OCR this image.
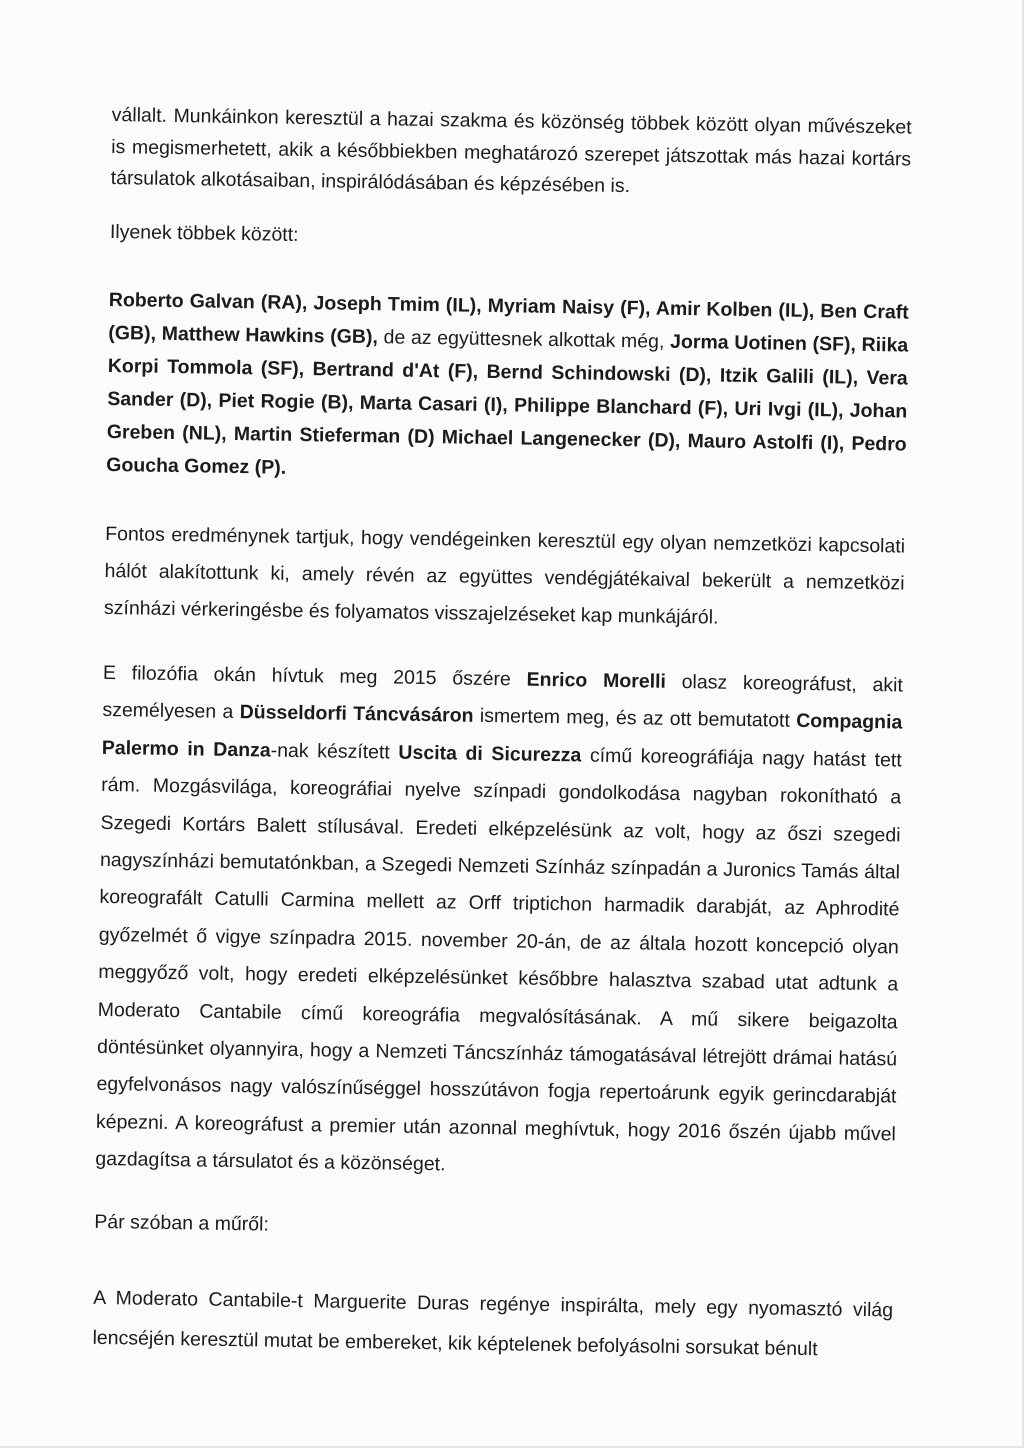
vállalt. Munkáinkon keresztül a hazai szakma és közönség többek között olyan művészeket is megismerhetett, akik a későbbiekben meghatározó szerepet játszottak más hazai kortárs társulatok alkotásaiban, inspirálódásában és képzésében is.

Ilyenek többek között:

Roberto Galvan (RA), Joseph Tmim (IL), Myriam Naisy (F), Amir Kolben (IL), Ben Craft (GB), Matthew Hawkins (GB), de az együttesnek alkottak még, Jorma Uotinen (SF), Riika Korpi Tommola (SF), Bertrand d'At (F), Bernd Schindowski (D), Itzik Galili (IL), Vera Sander (D), Piet Rogie (B), Marta Casari (I), Philippe Blanchard (F), Uri Ivgi (IL), Johan Greben (NL), Martin Stieferman (D) Michael Langenecker (D), Mauro Astolfi (I), Pedro Goucha Gomez (P).

Fontos eredménynek tartjuk, hogy vendégeinken keresztül egy olyan nemzetközi kapcsolati hálót alakítottunk ki, amely révén az együttes vendégjátékaival bekerült a nemzetközi színházi vérkeringésbe és folyamatos visszajelzéseket kap munkájáról.

E filozófia okán hívtuk meg 2015 őszére Enrico Morelli olasz koreográfust, akit személyesen a Düsseldorfi Táncvásáron ismertem meg, és az ott bemutatott Compagnia Palermo in Danza-nak készített Uscita di Sicurezza című koreográfiája nagy hatást tett rám. Mozgásvilága, koreográfiai nyelve színpadi gondolkodása nagyban rokonítható a Szegedi Kortárs Balett stílusával. Eredeti elképzelésünk az volt, hogy az őszi szegedi nagyszínházi bemutatónkban, a Szegedi Nemzeti Színház színpadán a Juronics Tamás által koreografált Catulli Carmina mellett az Orff triptichon harmadik darabját, az Aphrodité győzelmét ő vigye színpadra 2015. november 20-án, de az általa hozott koncepció olyan meggyőző volt, hogy eredeti elképzelésünket későbbre halasztva szabad utat adtunk a Moderato Cantabile című koreográfia megvalósításának. A mű sikere beigazolta döntésünket olyannyira, hogy a Nemzeti Táncszínház támogatásával létrejött drámai hatású egyfelvonásos nagy valószínűséggel hosszútávon fogja repertoárunk egyik gerincdarabját képezni. A koreográfust a premier után azonnal meghívtuk, hogy 2016 őszén újabb művel gazdagítsa a társulatot és a közönséget.

Pár szóban a műről:

A Moderato Cantabile-t Marguerite Duras regénye inspirálta, mely egy nyomasztó világ lencséjén keresztül mutat be embereket, kik képtelenek befolyásolni sorsukat bénult
